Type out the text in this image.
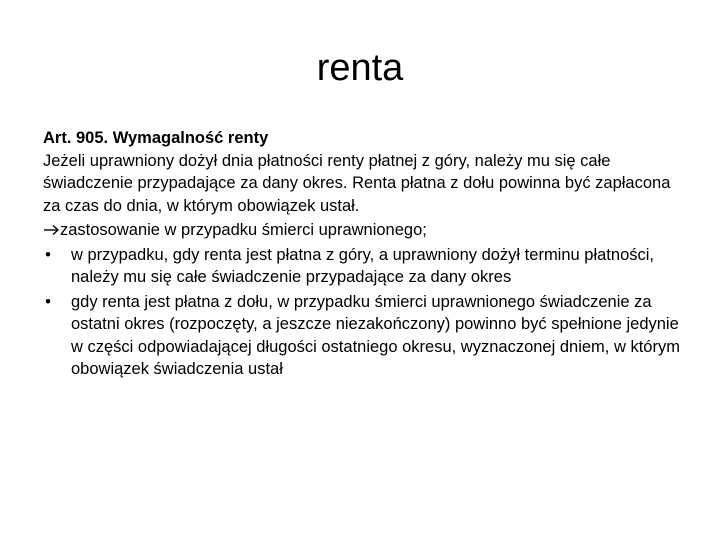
renta
Art. 905. Wymagalność renty
Jeżeli uprawniony dożył dnia płatności renty płatnej z góry, należy mu się całe świadczenie przypadające za dany okres. Renta płatna z dołu powinna być zapłacona za czas do dnia, w którym obowiązek ustał.
zastosowanie w przypadku śmierci uprawnionego;
• w przypadku, gdy renta jest płatna z góry, a uprawniony dożył terminu płatności, należy mu się całe świadczenie przypadające za dany okres
• gdy renta jest płatna z dołu, w przypadku śmierci uprawnionego świadczenie za ostatni okres (rozpoczęty, a jeszcze niezakończony) powinno być spełnione jedynie w części odpowiadającej długości ostatniego okresu, wyznaczonej dniem, w którym obowiązek świadczenia ustał
